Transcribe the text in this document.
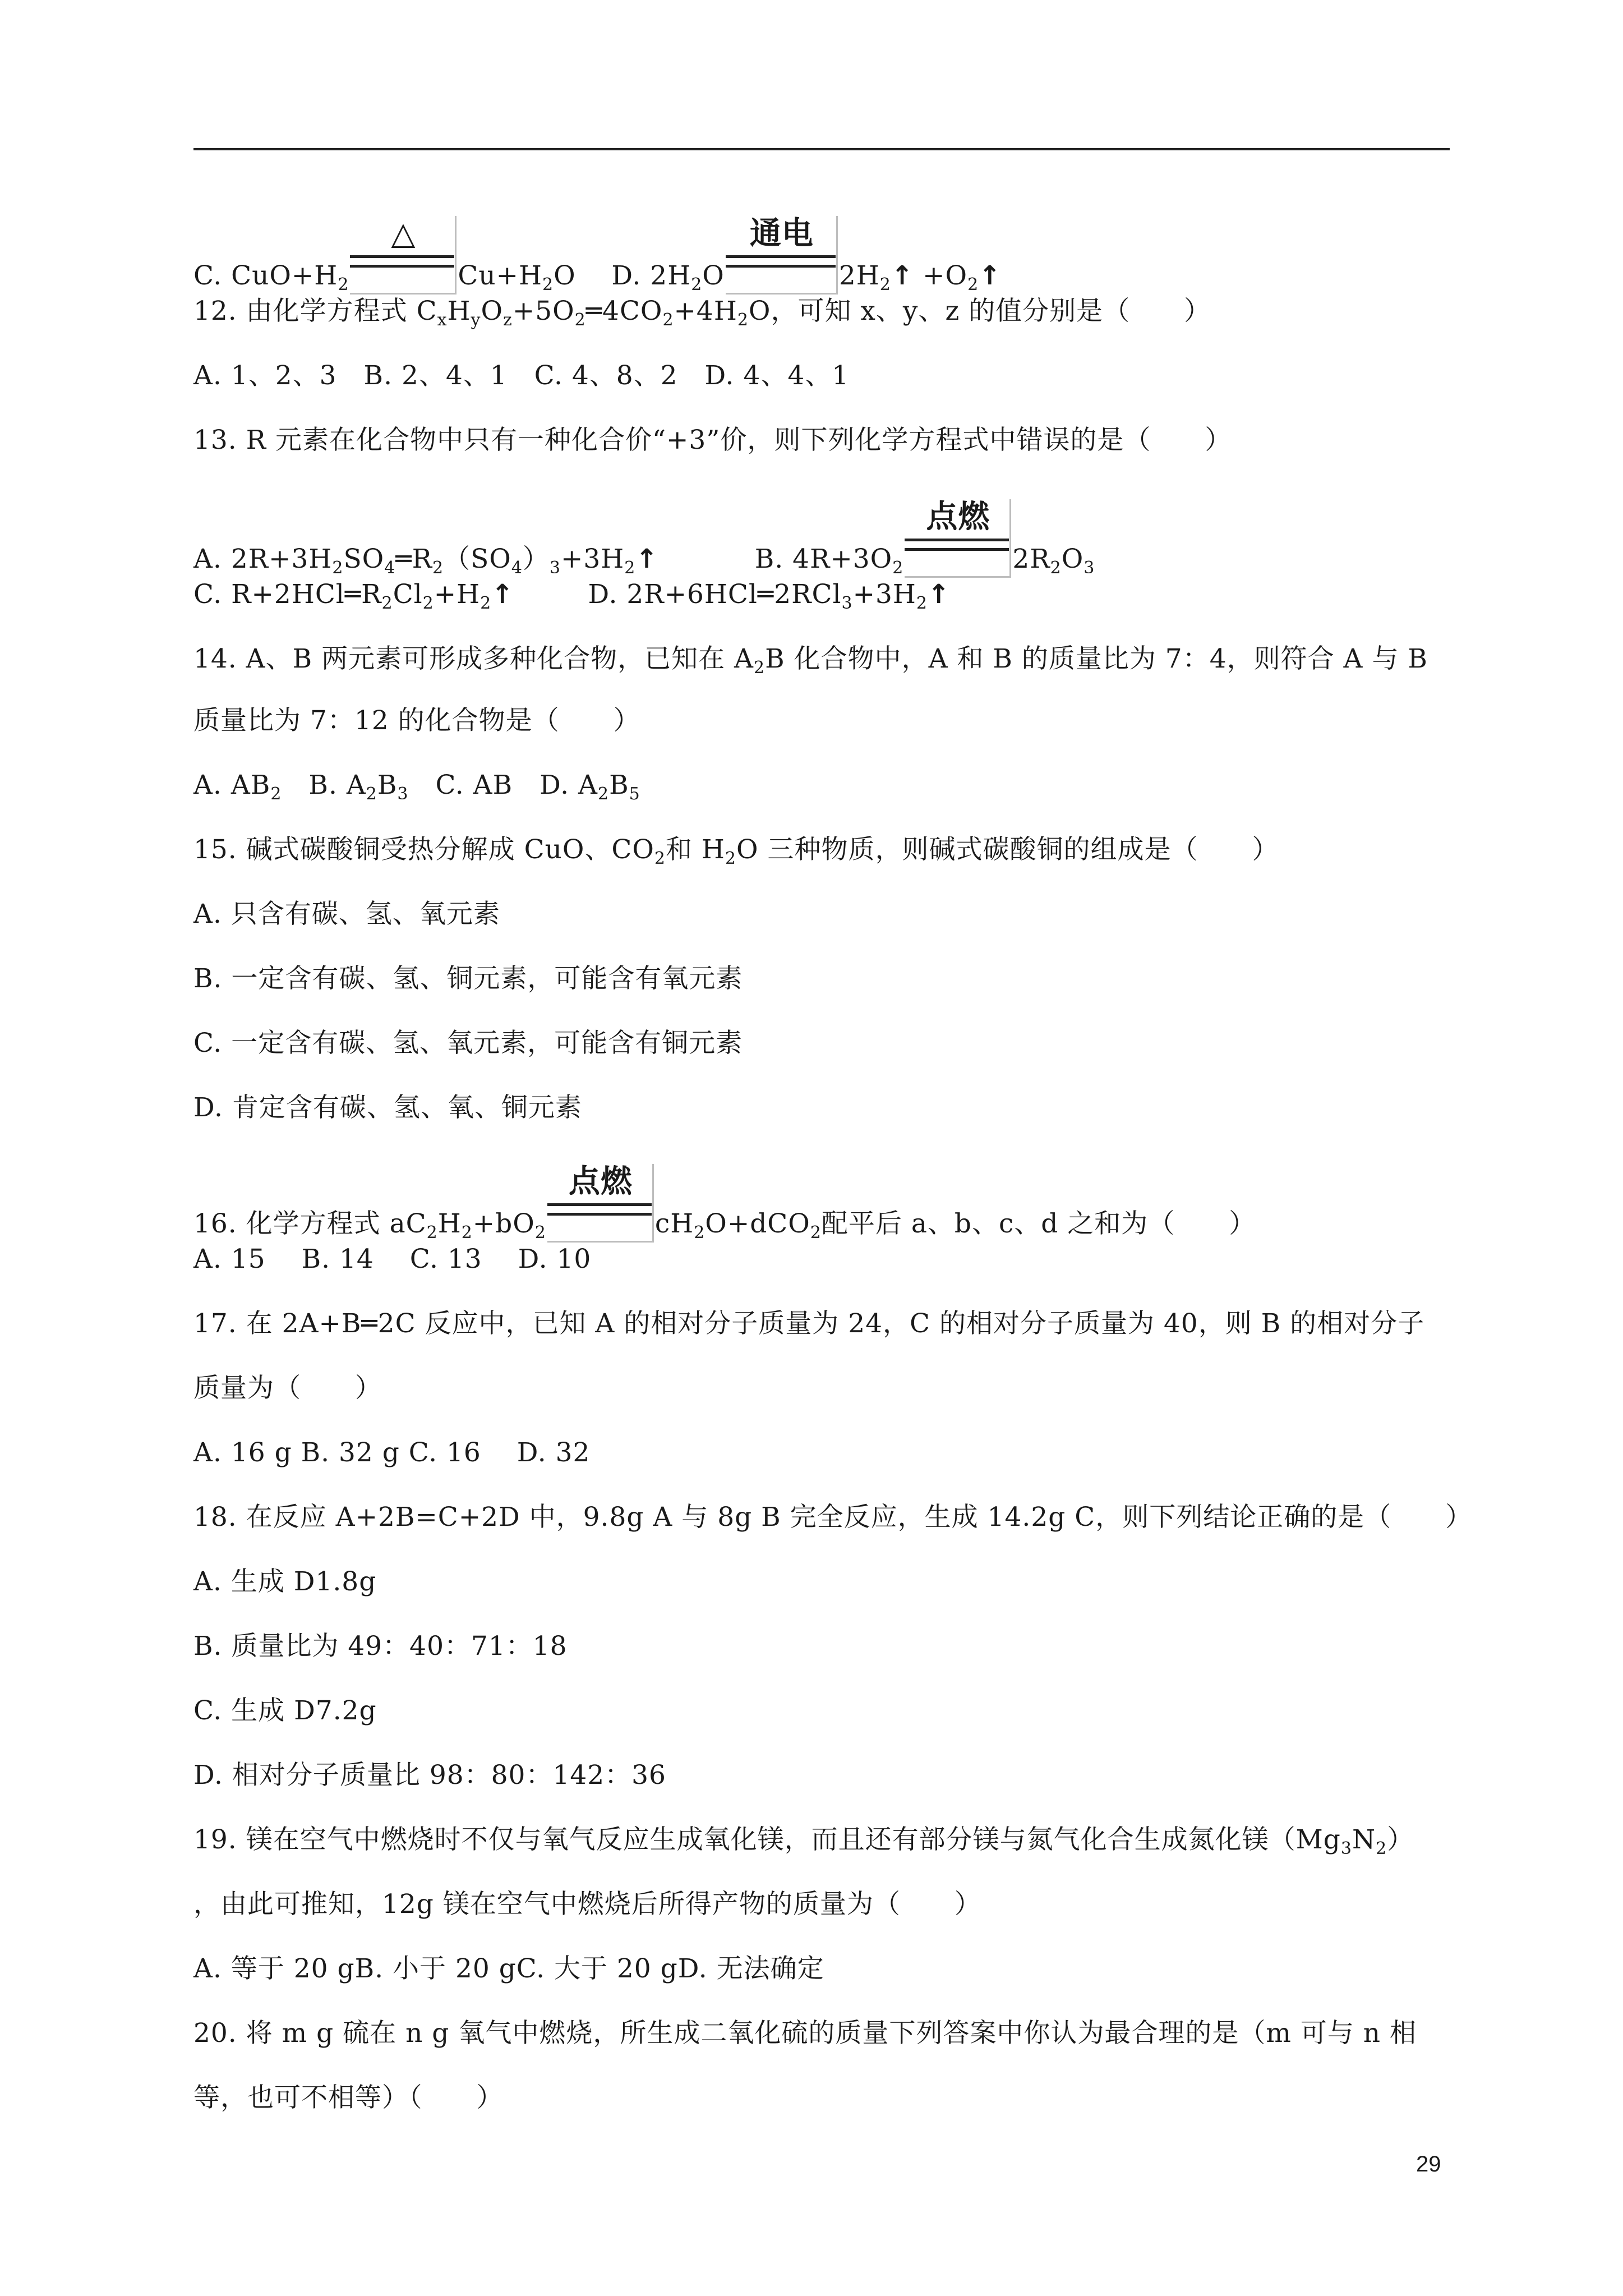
C. $CuO+H_2$
△
$Cu+H_2O$ D. $2H_2O$
通电
$2H_2↑$ $+O_2↑$
12. 由化学方程式 $C_xH_yO_z+5O_2═4CO_2+4H_2O$，可知 x、y、z 的值分别是（　　）
A. 1、2、3　B. 2、4、1　C. 4、8、2　D. 4、4、1
13. R 元素在化合物中只有一种化合价“+3”价，则下列化学方程式中错误的是（　　）
A. $2R+3H_2SO_4═R_2(SO_4)_3+3H_2↑$	B. $4R+3O_2$
点燃
$2R_2O_3$
C. $R+2HCl═R_2Cl_2+H_2↑$	D. $2R+6HCl═2RCl_3+3H_2↑$
14. A、B 两元素可形成多种化合物，已知在 $A_2B$ 化合物中，A 和 B 的质量比为 7：4，则符合 A 与 B
质量比为 7：12 的化合物是（　　）
A. $AB_2$　B. $A_2B_3$　C. AB　D. $A_2B_5$
15. 碱式碳酸铜受热分解成 CuO、$CO_2$和 $H_2O$ 三种物质，则碱式碳酸铜的组成是（　　）
A. 只含有碳、氢、氧元素
B. 一定含有碳、氢、铜元素，可能含有氧元素
C. 一定含有碳、氢、氧元素，可能含有铜元素
D. 肯定含有碳、氢、氧、铜元素
16. 化学方程式 $aC_2H_2+bO_2$
点燃
$cH_2O+dCO_2$配平后 a、b、c、d 之和为（　　）
A. 15　 B. 14　 C. 13　 D. 10
17. 在 2A+B═2C 反应中，已知 A 的相对分子质量为 24，C 的相对分子质量为 40，则 B 的相对分子
质量为（　　）
A. 16 g B. 32 g C. 16　 D. 32
18. 在反应 A+2B=C+2D 中，9.8g A 与 8g B 完全反应，生成 14.2g C，则下列结论正确的是（　　）
A. 生成 D1.8g
B. 质量比为 49：40：71：18
C. 生成 D7.2g
D. 相对分子质量比 98：80：142：36
19. 镁在空气中燃烧时不仅与氧气反应生成氧化镁，而且还有部分镁与氮气化合生成氮化镁$(Mg_3N_2)$
，由此可推知，12g 镁在空气中燃烧后所得产物的质量为（　　）
A. 等于 20 gB. 小于 20 gC. 大于 20 gD. 无法确定
20. 将 m g 硫在 n g 氧气中燃烧，所生成二氧化硫的质量下列答案中你认为最合理的是（m 可与 n 相
等，也可不相等）（　　）
29
